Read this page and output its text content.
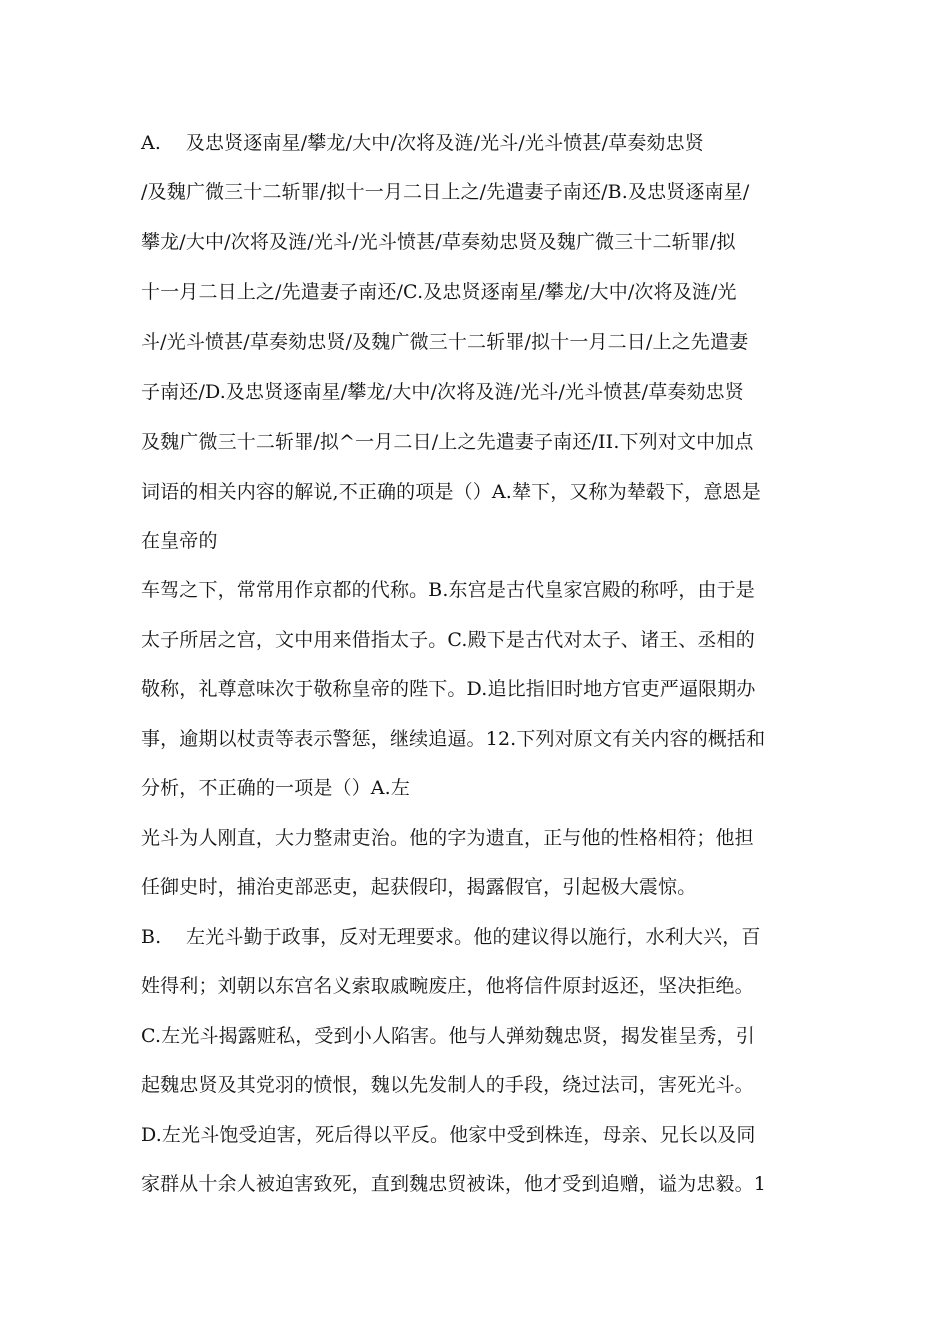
A.    及忠贤逐南星/攀龙/大中/次将及涟/光斗/光斗愤甚/草奏劾忠贤

/及魏广微三十二斩罪/拟十一月二日上之/先遣妻子南还/B.及忠贤逐南星/

攀龙/大中/次将及涟/光斗/光斗愤甚/草奏劾忠贤及魏广微三十二斩罪/拟

十一月二日上之/先遣妻子南还/C.及忠贤逐南星/攀龙/大中/次将及涟/光

斗/光斗愤甚/草奏劾忠贤/及魏广微三十二斩罪/拟十一月二日/上之先遣妻

子南还/D.及忠贤逐南星/攀龙/大中/次将及涟/光斗/光斗愤甚/草奏劾忠贤

及魏广微三十二斩罪/拟^一月二日/上之先遣妻子南还/II.下列对文中加点

词语的相关内容的解说,不正确的项是（）A.辇下，又称为辇毂下，意恩是

在皇帝的

车驾之下，常常用作京都的代称。B.东宫是古代皇家宫殿的称呼，由于是

太子所居之宫，文中用来借指太子。C.殿下是古代对太子、诸王、丞相的

敬称，礼尊意味次于敬称皇帝的陛下。D.追比指旧时地方官吏严逼限期办

事，逾期以杖责等表示警惩，继续追逼。12.下列对原文有关内容的概括和

分析，不正确的一项是（）A.左

光斗为人刚直，大力整肃吏治。他的字为遗直，正与他的性格相符；他担

任御史时，捕治吏部恶吏，起获假印，揭露假官，引起极大震惊。

B.    左光斗勤于政事，反对无理要求。他的建议得以施行，水利大兴，百

姓得利；刘朝以东宫名义索取戚畹废庄，他将信件原封返还，坚决拒绝。

C.左光斗揭露赃私，受到小人陷害。他与人弹劾魏忠贤，揭发崔呈秀，引

起魏忠贤及其党羽的愤恨，魏以先发制人的手段，绕过法司，害死光斗。

D.左光斗饱受迫害，死后得以平反。他家中受到株连，母亲、兄长以及同

家群从十余人被迫害致死，直到魏忠贸被诛，他才受到追赠，谥为忠毅。1
